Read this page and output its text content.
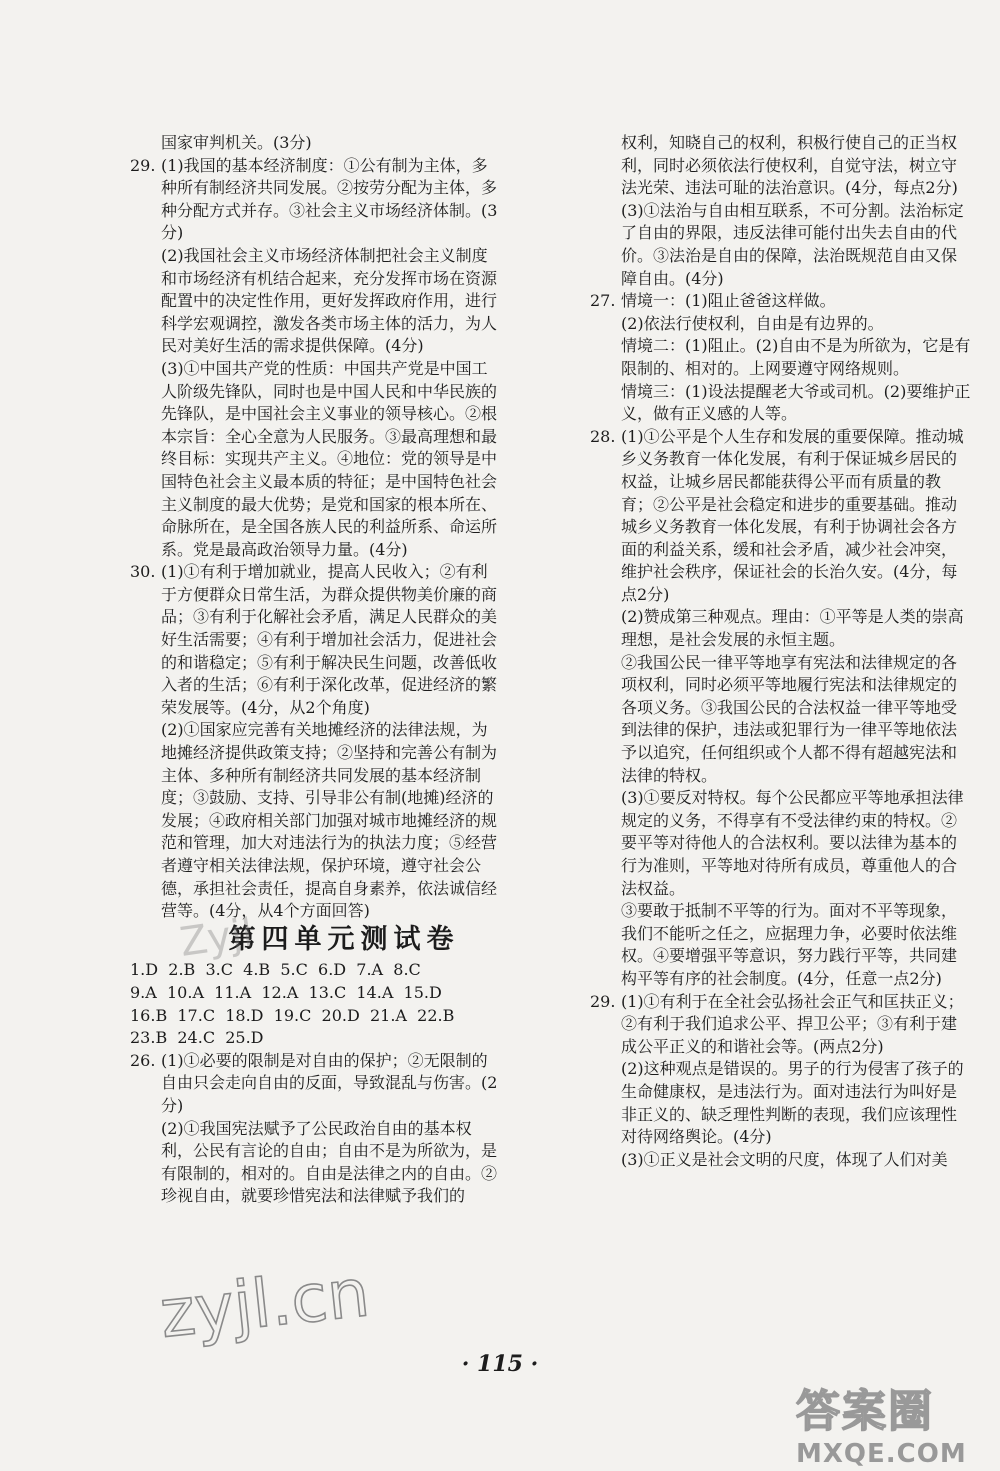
国家审判机关。(3分)
29. (1)我国的基本经济制度：①公有制为主体，多种所有制经济共同发展。②按劳分配为主体，多种分配方式并存。③社会主义市场经济体制。(3分)
(2)我国社会主义市场经济体制把社会主义制度和市场经济有机结合起来，充分发挥市场在资源配置中的决定性作用，更好发挥政府作用，进行科学宏观调控，激发各类市场主体的活力，为人民对美好生活的需求提供保障。(4分)
(3)①中国共产党的性质：中国共产党是中国工人阶级先锋队，同时也是中国人民和中华民族的先锋队，是中国社会主义事业的领导核心。②根本宗旨：全心全意为人民服务。③最高理想和最终目标：实现共产主义。④地位：党的领导是中国特色社会主义最本质的特征；是中国特色社会主义制度的最大优势；是党和国家的根本所在、命脉所在，是全国各族人民的利益所系、命运所系。党是最高政治领导力量。(4分)
30. (1)①有利于增加就业，提高人民收入；②有利于方便群众日常生活，为群众提供物美价廉的商品；③有利于化解社会矛盾，满足人民群众的美好生活需要；④有利于增加社会活力，促进社会的和谐稳定；⑤有利于解决民生问题，改善低收入者的生活；⑥有利于深化改革，促进经济的繁荣发展等。(4分，从2个角度)
(2)①国家应完善有关地摊经济的法律法规，为地摊经济提供政策支持；②坚持和完善公有制为主体、多种所有制经济共同发展的基本经济制度；③鼓励、支持、引导非公有制(地摊)经济的发展；④政府相关部门加强对城市地摊经济的规范和管理，加大对违法行为的执法力度；⑤经营者遵守相关法律法规，保护环境，遵守社会公德，承担社会责任，提高自身素养，依法诚信经营等。(4分，从4个方面回答)
第四单元测试卷
1.D  2.B  3.C  4.B  5.C  6.D  7.A  8.C
9.A  10.A  11.A  12.A  13.C  14.A  15.D
16.B  17.C  18.D  19.C  20.D  21.A  22.B
23.B  24.C  25.D
26. (1)①必要的限制是对自由的保护；②无限制的自由只会走向自由的反面，导致混乱与伤害。(2分)
(2)①我国宪法赋予了公民政治自由的基本权利，公民有言论的自由；自由不是为所欲为，是有限制的，相对的。自由是法律之内的自由。②珍视自由，就要珍惜宪法和法律赋予我们的
权利，知晓自己的权利，积极行使自己的正当权利，同时必须依法行使权利，自觉守法，树立守法光荣、违法可耻的法治意识。(4分，每点2分)
(3)①法治与自由相互联系，不可分割。法治标定了自由的界限，违反法律可能付出失去自由的代价。③法治是自由的保障，法治既规范自由又保障自由。(4分)
27. 情境一：(1)阻止爸爸这样做。
(2)依法行使权利，自由是有边界的。
情境二：(1)阻止。(2)自由不是为所欲为，它是有限制的、相对的。上网要遵守网络规则。
情境三：(1)设法提醒老大爷或司机。(2)要维护正义，做有正义感的人等。
28. (1)①公平是个人生存和发展的重要保障。推动城乡义务教育一体化发展，有利于保证城乡居民的权益，让城乡居民都能获得公平而有质量的教育；②公平是社会稳定和进步的重要基础。推动城乡义务教育一体化发展，有利于协调社会各方面的利益关系，缓和社会矛盾，减少社会冲突，维护社会秩序，保证社会的长治久安。(4分，每点2分)
(2)赞成第三种观点。理由：①平等是人类的崇高理想，是社会发展的永恒主题。
②我国公民一律平等地享有宪法和法律规定的各项权利，同时必须平等地履行宪法和法律规定的各项义务。③我国公民的合法权益一律平等地受到法律的保护，违法或犯罪行为一律平等地依法予以追究，任何组织或个人都不得有超越宪法和法律的特权。
(3)①要反对特权。每个公民都应平等地承担法律规定的义务，不得享有不受法律约束的特权。②要平等对待他人的合法权利。要以法律为基本的行为准则，平等地对待所有成员，尊重他人的合法权益。
③要敢于抵制不平等的行为。面对不平等现象，我们不能听之任之，应据理力争，必要时依法维权。④要增强平等意识，努力践行平等，共同建构平等有序的社会制度。(4分，任意一点2分)
29. (1)①有利于在全社会弘扬社会正气和匡扶正义；②有利于我们追求公平、捍卫公平；③有利于建成公平正义的和谐社会等。(两点2分)
(2)这种观点是错误的。男子的行为侵害了孩子的生命健康权，是违法行为。面对违法行为叫好是非正义的、缺乏理性判断的表现，我们应该理性对待网络舆论。(4分)
(3)①正义是社会文明的尺度，体现了人们对美
Zyjl
zyjl.cn
· 115 ·
答案圈
MXQE.COM
